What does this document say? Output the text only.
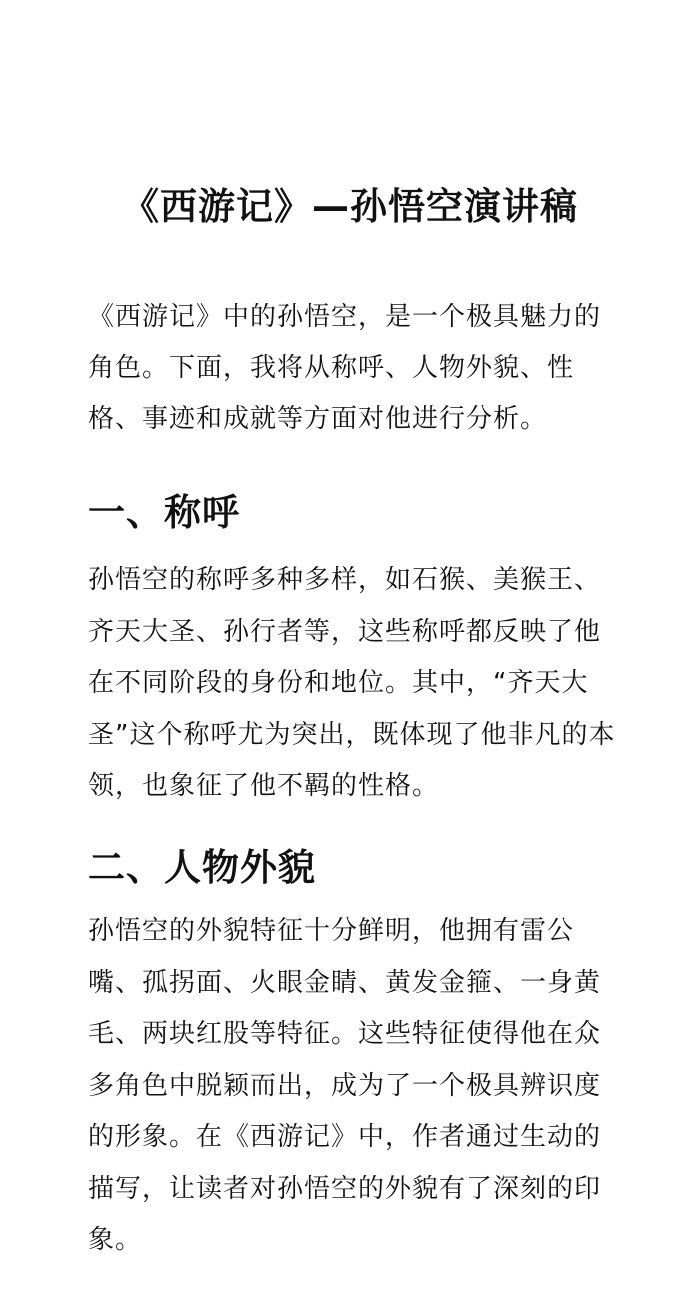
《西游记》—孙悟空演讲稿

《西游记》中的孙悟空，是一个极具魅力的角色。下面，我将从称呼、人物外貌、性格、事迹和成就等方面对他进行分析。

一、称呼

孙悟空的称呼多种多样，如石猴、美猴王、齐天大圣、孙行者等，这些称呼都反映了他在不同阶段的身份和地位。其中，“齐天大圣”这个称呼尤为突出，既体现了他非凡的本领，也象征了他不羁的性格。

二、人物外貌

孙悟空的外貌特征十分鲜明，他拥有雷公嘴、孤拐面、火眼金睛、黄发金箍、一身黄毛、两块红股等特征。这些特征使得他在众多角色中脱颖而出，成为了一个极具辨识度的形象。在《西游记》中，作者通过生动的描写，让读者对孙悟空的外貌有了深刻的印象。
